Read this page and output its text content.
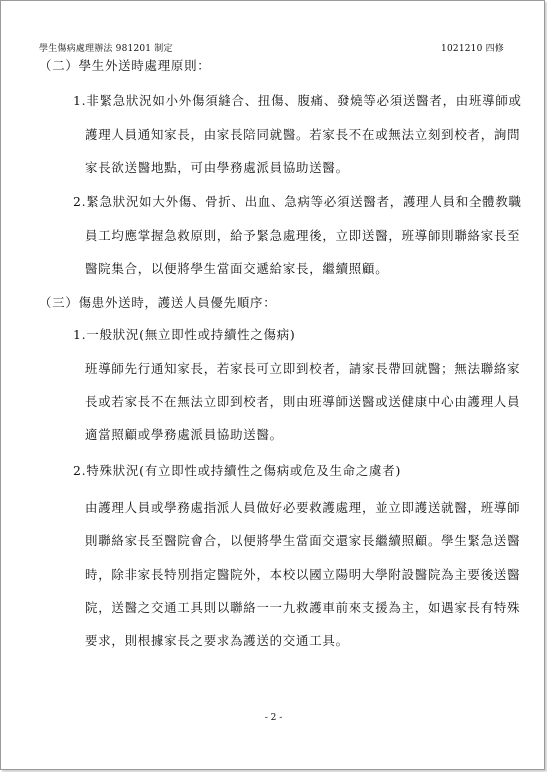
學生傷病處理辦法 981201 制定	1021210 四修
（二）學生外送時處理原則：
1.非緊急狀況如小外傷須縫合、扭傷、腹痛、發燒等必須送醫者，由班導師或
護理人員通知家長，由家長陪同就醫。若家長不在或無法立刻到校者，詢問
家長欲送醫地點，可由學務處派員協助送醫。
2.緊急狀況如大外傷、骨折、出血、急病等必須送醫者，護理人員和全體教職
員工均應掌握急救原則，給予緊急處理後，立即送醫，班導師則聯絡家長至
醫院集合，以便將學生當面交遞給家長，繼續照顧。
（三）傷患外送時，護送人員優先順序：
1.一般狀況(無立即性或持續性之傷病)
班導師先行通知家長，若家長可立即到校者，請家長帶回就醫；無法聯絡家
長或若家長不在無法立即到校者，則由班導師送醫或送健康中心由護理人員
適當照顧或學務處派員協助送醫。
2.特殊狀況(有立即性或持續性之傷病或危及生命之虞者)
由護理人員或學務處指派人員做好必要救護處理，並立即護送就醫，班導師
則聯絡家長至醫院會合，以便將學生當面交還家長繼續照顧。學生緊急送醫
時，除非家長特別指定醫院外，本校以國立陽明大學附設醫院為主要後送醫
院，送醫之交通工具則以聯絡一一九救護車前來支援為主，如遇家長有特殊
要求，則根據家長之要求為護送的交通工具。
- 2 -
